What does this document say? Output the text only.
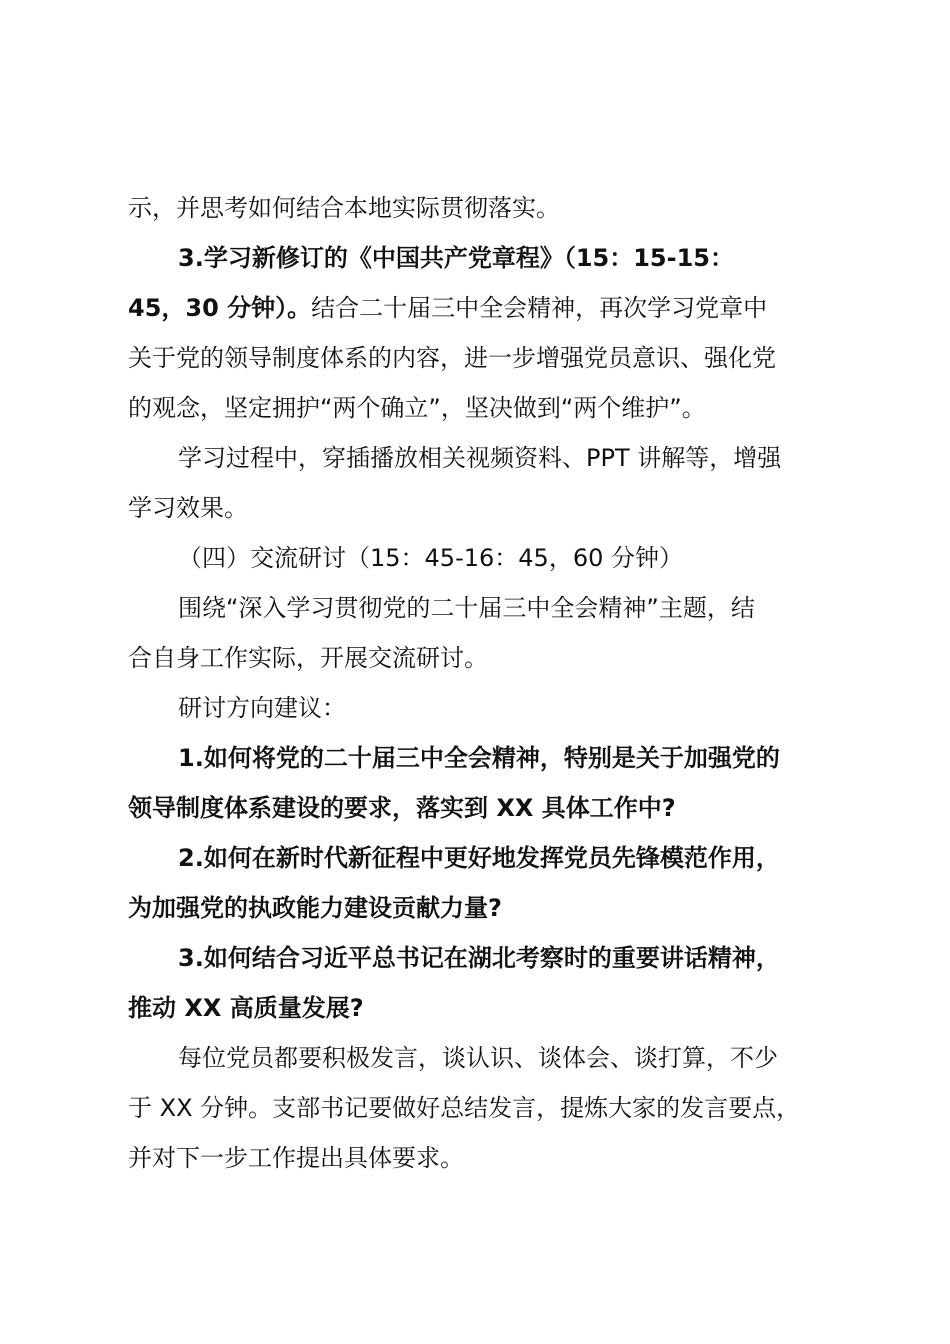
示，并思考如何结合本地实际贯彻落实。
3.学习新修订的《中国共产党章程》（15：15-15：
45，30 分钟）。结合二十届三中全会精神，再次学习党章中
关于党的领导制度体系的内容，进一步增强党员意识、强化党
的观念，坚定拥护“两个确立”，坚决做到“两个维护”。
学习过程中，穿插播放相关视频资料、PPT 讲解等，增强
学习效果。
（四）交流研讨（15：45-16：45，60 分钟）
围绕“深入学习贯彻党的二十届三中全会精神”主题，结
合自身工作实际，开展交流研讨。
研讨方向建议：
1.如何将党的二十届三中全会精神，特别是关于加强党的
领导制度体系建设的要求，落实到 XX 具体工作中?
2.如何在新时代新征程中更好地发挥党员先锋模范作用，
为加强党的执政能力建设贡献力量?
3.如何结合习近平总书记在湖北考察时的重要讲话精神，
推动 XX 高质量发展?
每位党员都要积极发言，谈认识、谈体会、谈打算，不少
于 XX 分钟。支部书记要做好总结发言，提炼大家的发言要点，
并对下一步工作提出具体要求。
